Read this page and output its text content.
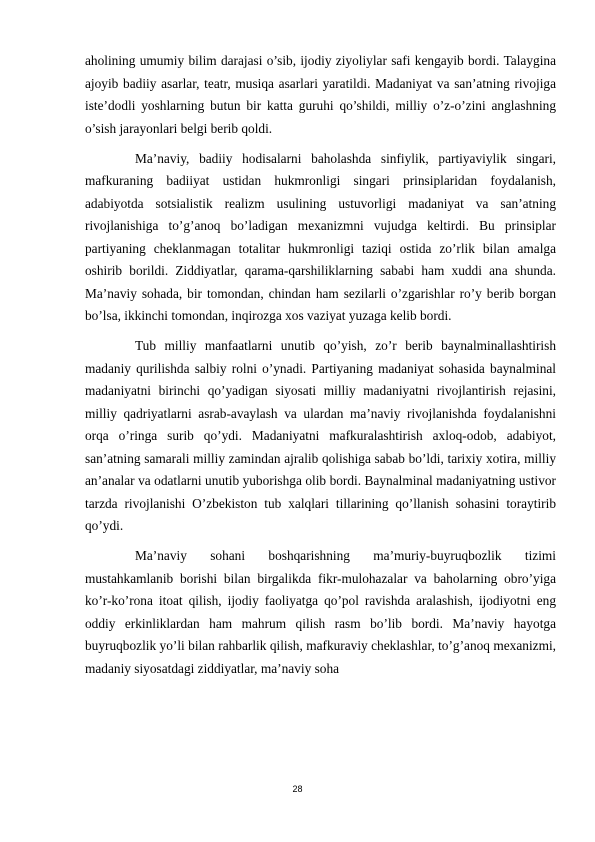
aholining umumiy bilim darajasi o’sib, ijodiy ziyoliylar safi kengayib bordi. Talaygina ajoyib badiiy asarlar, teatr, musiqa asarlari yaratildi. Madaniyat va san’atning rivojiga iste’dodli yoshlarning butun bir katta guruhi qo’shildi, milliy o’z-o’zini anglashning o’sish jarayonlari belgi berib qoldi.

Ma’naviy, badiiy hodisalarni baholashda sinfiylik, partiyaviylik singari, mafkuraning badiiyat ustidan hukmronligi singari prinsiplaridan foydalanish, adabiyotda sotsialistik realizm usulining ustuvorligi madaniyat va san’atning rivojlanishiga to’g’anoq bo’ladigan mexanizmni vujudga keltirdi. Bu prinsiplar partiyaning cheklanmagan totalitar hukmronligi taziqi ostida zo’rlik bilan amalga oshirib borildi. Ziddiyatlar, qarama-qarshiliklarning sababi ham xuddi ana shunda. Ma’naviy sohada, bir tomondan, chindan ham sezilarli o’zgarishlar ro’y berib borgan bo’lsa, ikkinchi tomondan, inqirozga xos vaziyat yuzaga kelib bordi.

Tub milliy manfaatlarni unutib qo’yish, zo’r berib baynalminallashtirish madaniy qurilishda salbiy rolni o’ynadi. Partiyaning madaniyat sohasida baynalminal madaniyatni birinchi qo’yadigan siyosati milliy madaniyatni rivojlantirish rejasini, milliy qadriyatlarni asrab-avaylash va ulardan ma’naviy rivojlanishda foydalanishni orqa o’ringa surib qo’ydi. Madaniyatni mafkuralashtirish axloq-odob, adabiyot, san’atning samarali milliy zamindan ajralib qolishiga sabab bo’ldi, tarixiy xotira, milliy an’analar va odatlarni unutib yuborishga olib bordi. Baynalminal madaniyatning ustivor tarzda rivojlanishi O’zbekiston tub xalqlari tillarining qo’llanish sohasini toraytirib qo’ydi.

Ma’naviy sohani boshqarishning ma’muriy-buyruqbozlik tizimi mustahkamlanib borishi bilan birgalikda fikr-mulohazalar va baholarning obro’yiga ko’r-ko’rona itoat qilish, ijodiy faoliyatga qo’pol ravishda aralashish, ijodiyotni eng oddiy erkinliklardan ham mahrum qilish rasm bo’lib bordi. Ma’naviy hayotga buyruqbozlik yo’li bilan rahbarlik qilish, mafkuraviy cheklashlar, to’g’anoq mexanizmi, madaniy siyosatdagi ziddiyatlar, ma’naviy soha

28
